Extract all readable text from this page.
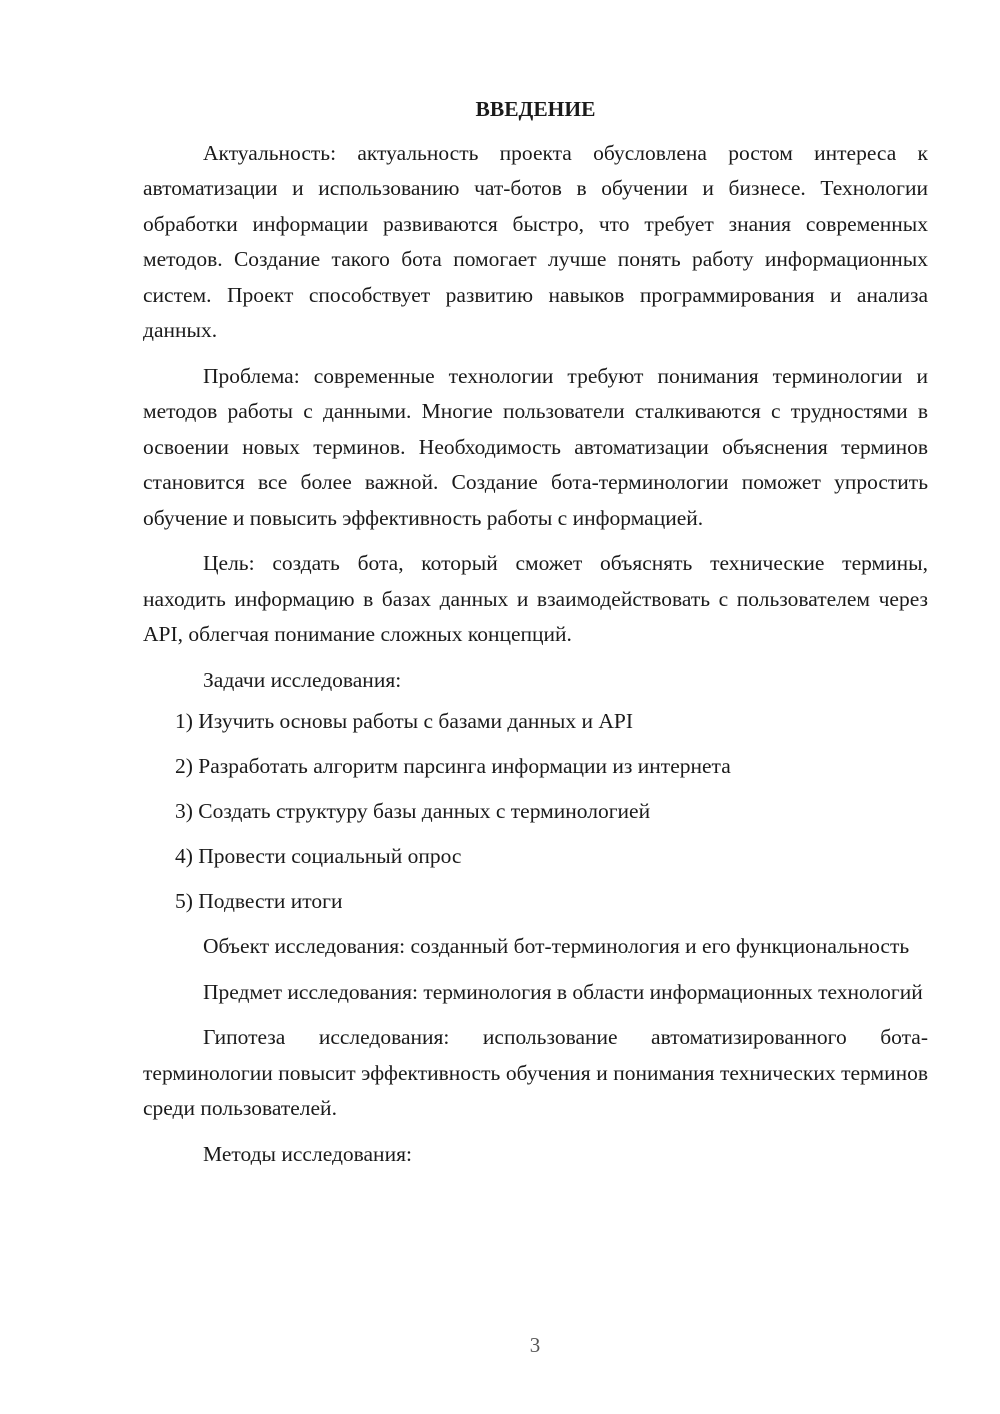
ВВЕДЕНИЕ

Актуальность: актуальность проекта обусловлена ростом интереса к автоматизации и использованию чат-ботов в обучении и бизнесе. Технологии обработки информации развиваются быстро, что требует знания современных методов. Создание такого бота помогает лучше понять работу информационных систем. Проект способствует развитию навыков программирования и анализа данных.

Проблема: современные технологии требуют понимания терминологии и методов работы с данными. Многие пользователи сталкиваются с трудностями в освоении новых терминов. Необходимость автоматизации объяснения терминов становится все более важной. Создание бота-терминологии поможет упростить обучение и повысить эффективность работы с информацией.

Цель: создать бота, который сможет объяснять технические термины, находить информацию в базах данных и взаимодействовать с пользователем через API, облегчая понимание сложных концепций.

Задачи исследования:

1) Изучить основы работы с базами данных и API
2) Разработать алгоритм парсинга информации из интернета
3) Создать структуру базы данных с терминологией
4) Провести социальный опрос
5) Подвести итоги

Объект исследования: созданный бот-терминология и его функциональность

Предмет исследования: терминология в области информационных технологий

Гипотеза исследования: использование автоматизированного бота-терминологии повысит эффективность обучения и понимания технических терминов среди пользователей.

Методы исследования:

3
